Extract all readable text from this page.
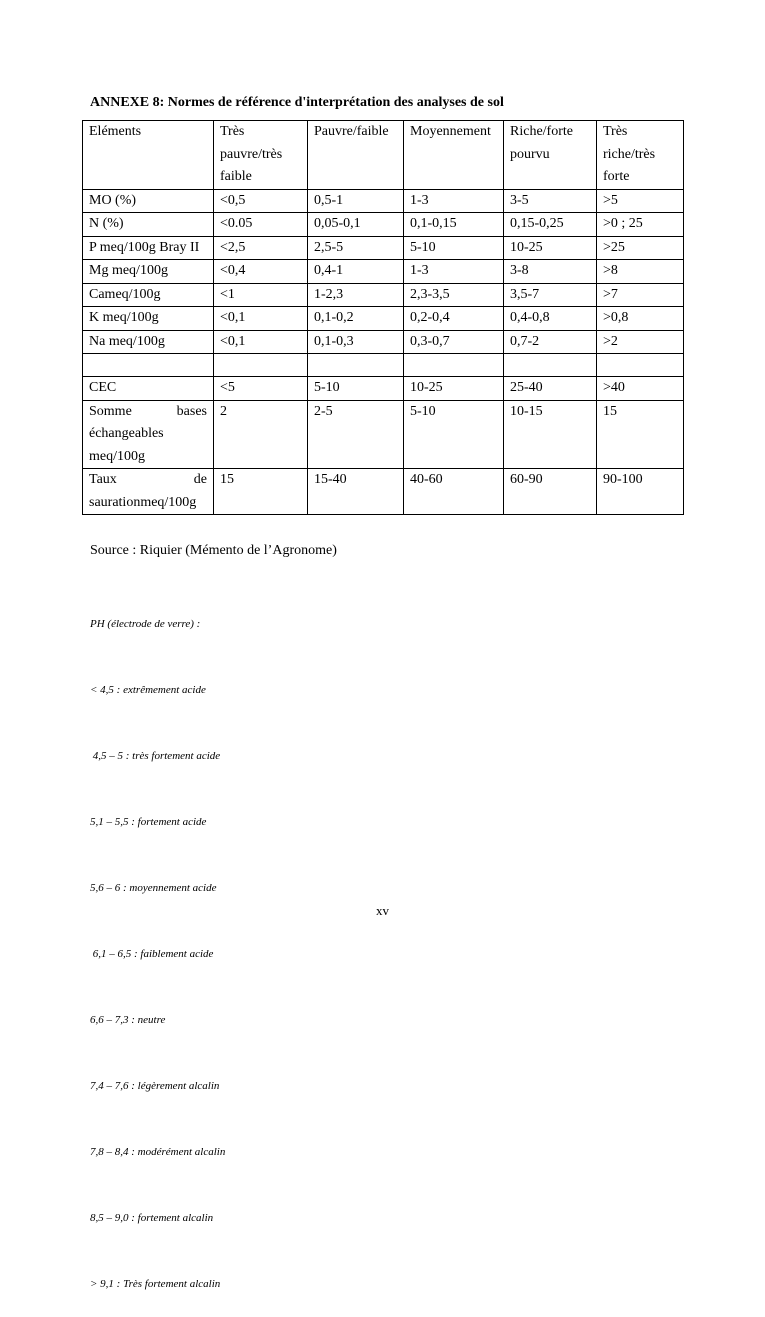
ANNEXE 8: Normes de référence d'interprétation des analyses de sol
Eléments	Très pauvre/très faible	Pauvre/faible	Moyennement	Riche/forte pourvu	Très riche/très forte
MO (%)	<0,5	0,5-1	1-3	3-5	>5
N (%)	<0.05	0,05-0,1	0,1-0,15	0,15-0,25	>0 ; 25
P meq/100g Bray II	<2,5	2,5-5	5-10	10-25	>25
Mg meq/100g	<0,4	0,4-1	1-3	3-8	>8
Cameq/100g	<1	1-2,3	2,3-3,5	3,5-7	>7
K meq/100g	<0,1	0,1-0,2	0,2-0,4	0,4-0,8	>0,8
Na meq/100g	<0,1	0,1-0,3	0,3-0,7	0,7-2	>2

CEC	<5	5-10	10-25	25-40	>40
Somme bases échangeables meq/100g	2	2-5	5-10	10-15	15
Taux de saurationmeq/100g	15	15-40	40-60	60-90	90-100
Source : Riquier (Mémento de l’Agronome)

PH (électrode de verre) :

< 4,5 : extrêmement acide

4,5 – 5 : très fortement acide

5,1 – 5,5 : fortement acide

5,6 – 6 : moyennement acide

6,1 – 6,5 : faiblement acide

6,6 – 7,3 : neutre

7,4 – 7,6 : légèrement alcalin

7,8 – 8,4 : modérément alcalin

8,5 – 9,0 : fortement alcalin

> 9,1 : Très fortement alcalin

xv
